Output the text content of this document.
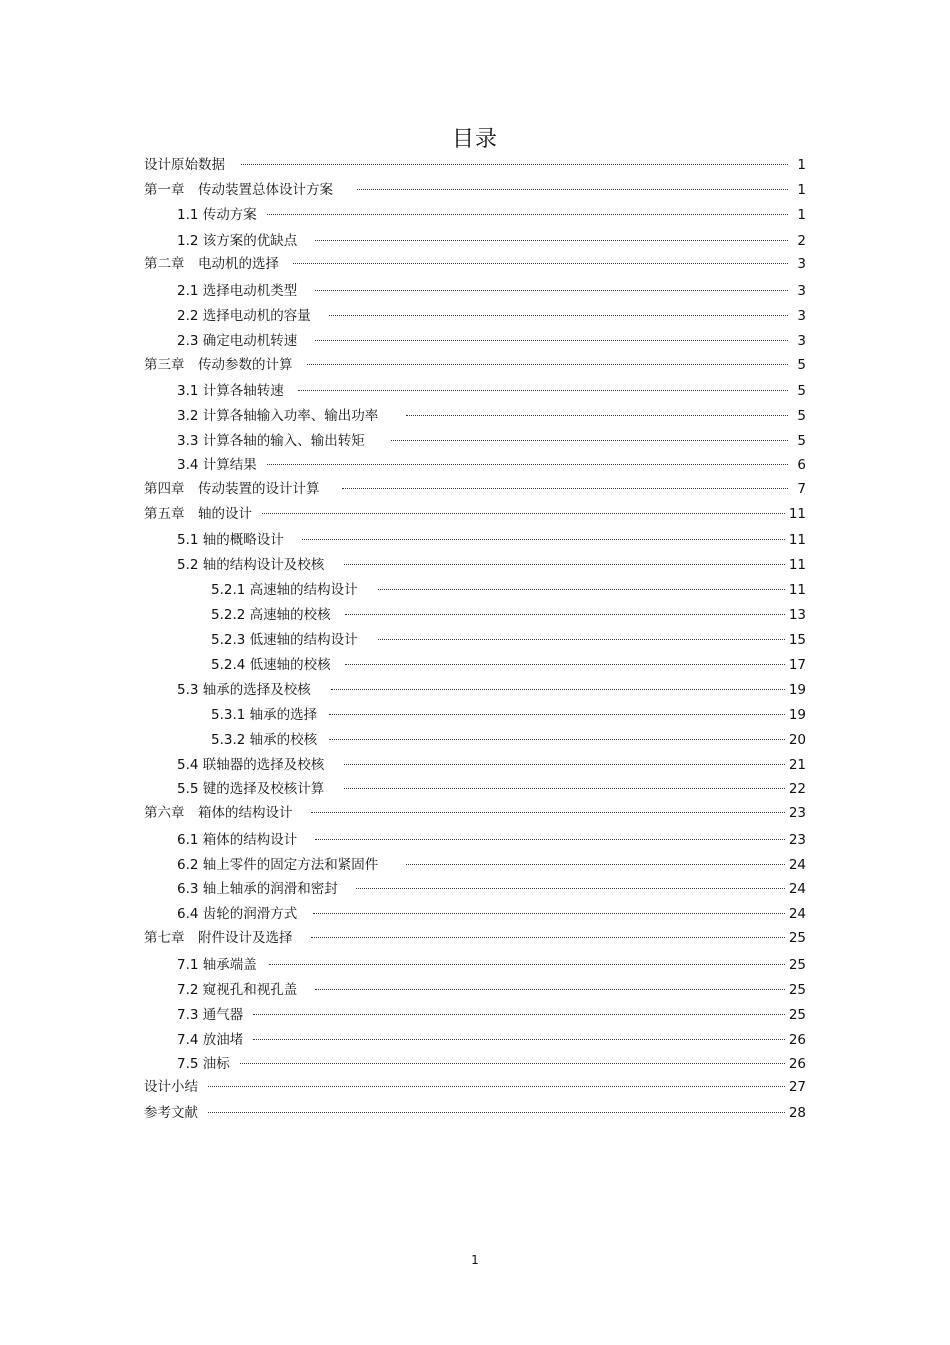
目录
设计原始数据	1
第一章　传动装置总体设计方案	1
1.1 传动方案	1
1.2 该方案的优缺点	2
第二章　电动机的选择	3
2.1 选择电动机类型	3
2.2 选择电动机的容量	3
2.3 确定电动机转速	3
第三章　传动参数的计算	5
3.1 计算各轴转速	5
3.2 计算各轴输入功率、输出功率	5
3.3 计算各轴的输入、输出转矩	5
3.4 计算结果	6
第四章　传动装置的设计计算	7
第五章　轴的设计	11
5.1 轴的概略设计	11
5.2 轴的结构设计及校核	11
5.2.1 高速轴的结构设计	11
5.2.2 高速轴的校核	13
5.2.3 低速轴的结构设计	15
5.2.4 低速轴的校核	17
5.3 轴承的选择及校核	19
5.3.1 轴承的选择	19
5.3.2 轴承的校核	20
5.4 联轴器的选择及校核	21
5.5 键的选择及校核计算	22
第六章　箱体的结构设计	23
6.1 箱体的结构设计	23
6.2 轴上零件的固定方法和紧固件	24
6.3 轴上轴承的润滑和密封	24
6.4 齿轮的润滑方式	24
第七章　附件设计及选择	25
7.1 轴承端盖	25
7.2 窥视孔和视孔盖	25
7.3 通气器	25
7.4 放油堵	26
7.5 油标	26
设计小结	27
参考文献	28
1
